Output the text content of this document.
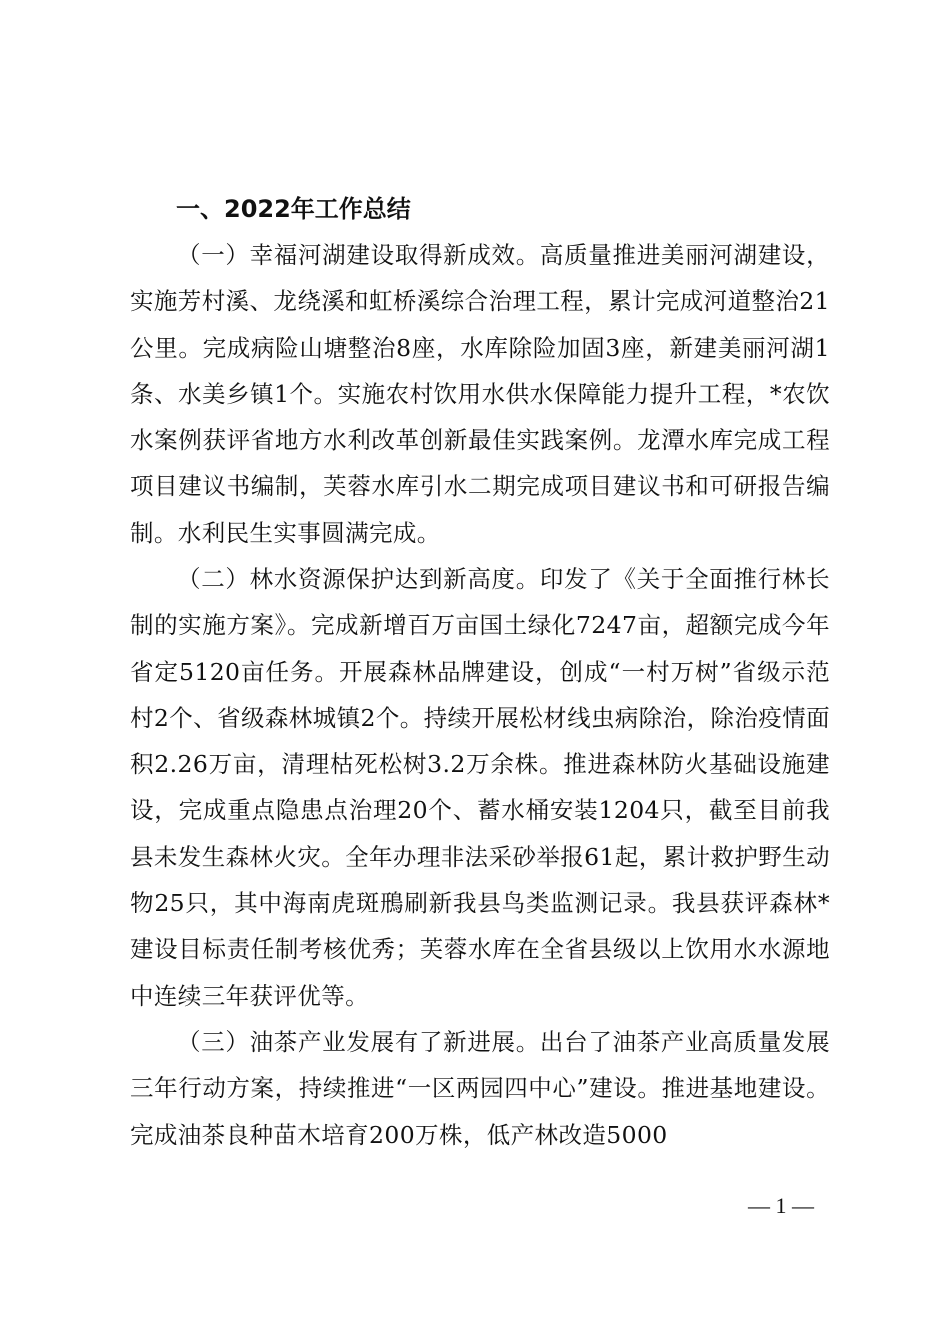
一、2022年工作总结

（一）幸福河湖建设取得新成效。高质量推进美丽河湖建设，实施芳村溪、龙绕溪和虹桥溪综合治理工程，累计完成河道整治21公里。完成病险山塘整治8座，水库除险加固3座，新建美丽河湖1条、水美乡镇1个。实施农村饮用水供水保障能力提升工程，*农饮水案例获评省地方水利改革创新最佳实践案例。龙潭水库完成工程项目建议书编制，芙蓉水库引水二期完成项目建议书和可研报告编制。水利民生实事圆满完成。

（二）林水资源保护达到新高度。印发了《关于全面推行林长制的实施方案》。完成新增百万亩国土绿化7247亩，超额完成今年省定5120亩任务。开展森林品牌建设，创成“一村万树”省级示范村2个、省级森林城镇2个。持续开展松材线虫病除治，除治疫情面积2.26万亩，清理枯死松树3.2万余株。推进森林防火基础设施建设，完成重点隐患点治理20个、蓄水桶安装1204只，截至目前我县未发生森林火灾。全年办理非法采砂举报61起，累计救护野生动物25只，其中海南虎斑鳽刷新我县鸟类监测记录。我县获评森林*建设目标责任制考核优秀；芙蓉水库在全省县级以上饮用水水源地中连续三年获评优等。

（三）油茶产业发展有了新进展。出台了油茶产业高质量发展三年行动方案，持续推进“一区两园四中心”建设。推进基地建设。完成油茶良种苗木培育200万株，低产林改造5000

— 1 —
